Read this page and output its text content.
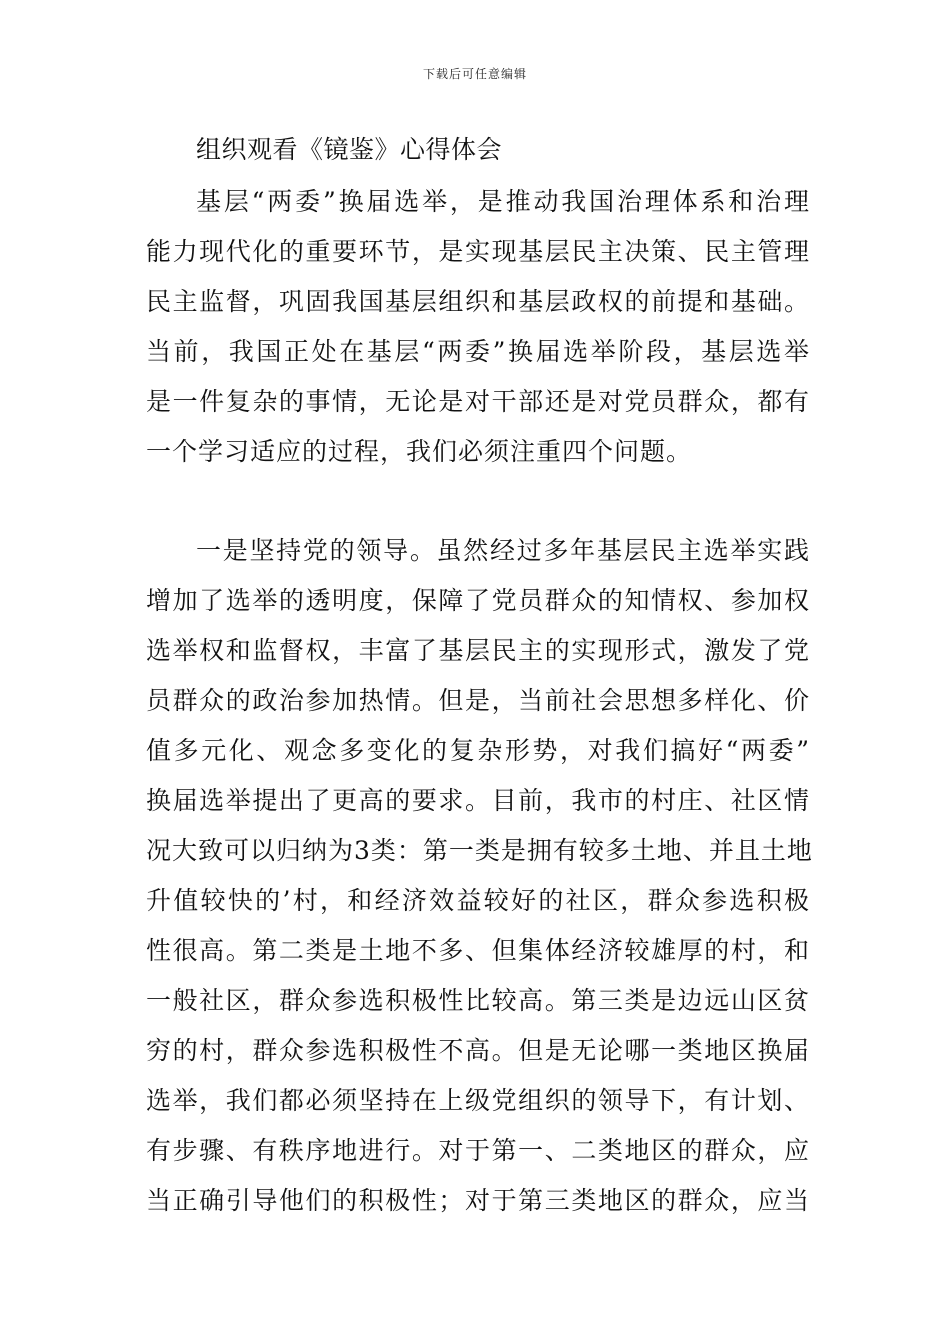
下载后可任意编辑
组织观看《镜鉴》心得体会
基层“两委”换届选举，是推动我国治理体系和治理
能力现代化的重要环节，是实现基层民主决策、民主管理
民主监督，巩固我国基层组织和基层政权的前提和基础。
当前，我国正处在基层“两委”换届选举阶段，基层选举
是一件复杂的事情，无论是对干部还是对党员群众，都有
一个学习适应的过程，我们必须注重四个问题。
一是坚持党的领导。虽然经过多年基层民主选举实践
增加了选举的透明度，保障了党员群众的知情权、参加权
选举权和监督权，丰富了基层民主的实现形式，激发了党
员群众的政治参加热情。但是，当前社会思想多样化、价
值多元化、观念多变化的复杂形势，对我们搞好“两委”
换届选举提出了更高的要求。目前，我市的村庄、社区情
况大致可以归纳为3类：第一类是拥有较多土地、并且土地
升值较快的’村，和经济效益较好的社区，群众参选积极
性很高。第二类是土地不多、但集体经济较雄厚的村，和
一般社区，群众参选积极性比较高。第三类是边远山区贫
穷的村，群众参选积极性不高。但是无论哪一类地区换届
选举，我们都必须坚持在上级党组织的领导下，有计划、
有步骤、有秩序地进行。对于第一、二类地区的群众，应
当正确引导他们的积极性；对于第三类地区的群众，应当
